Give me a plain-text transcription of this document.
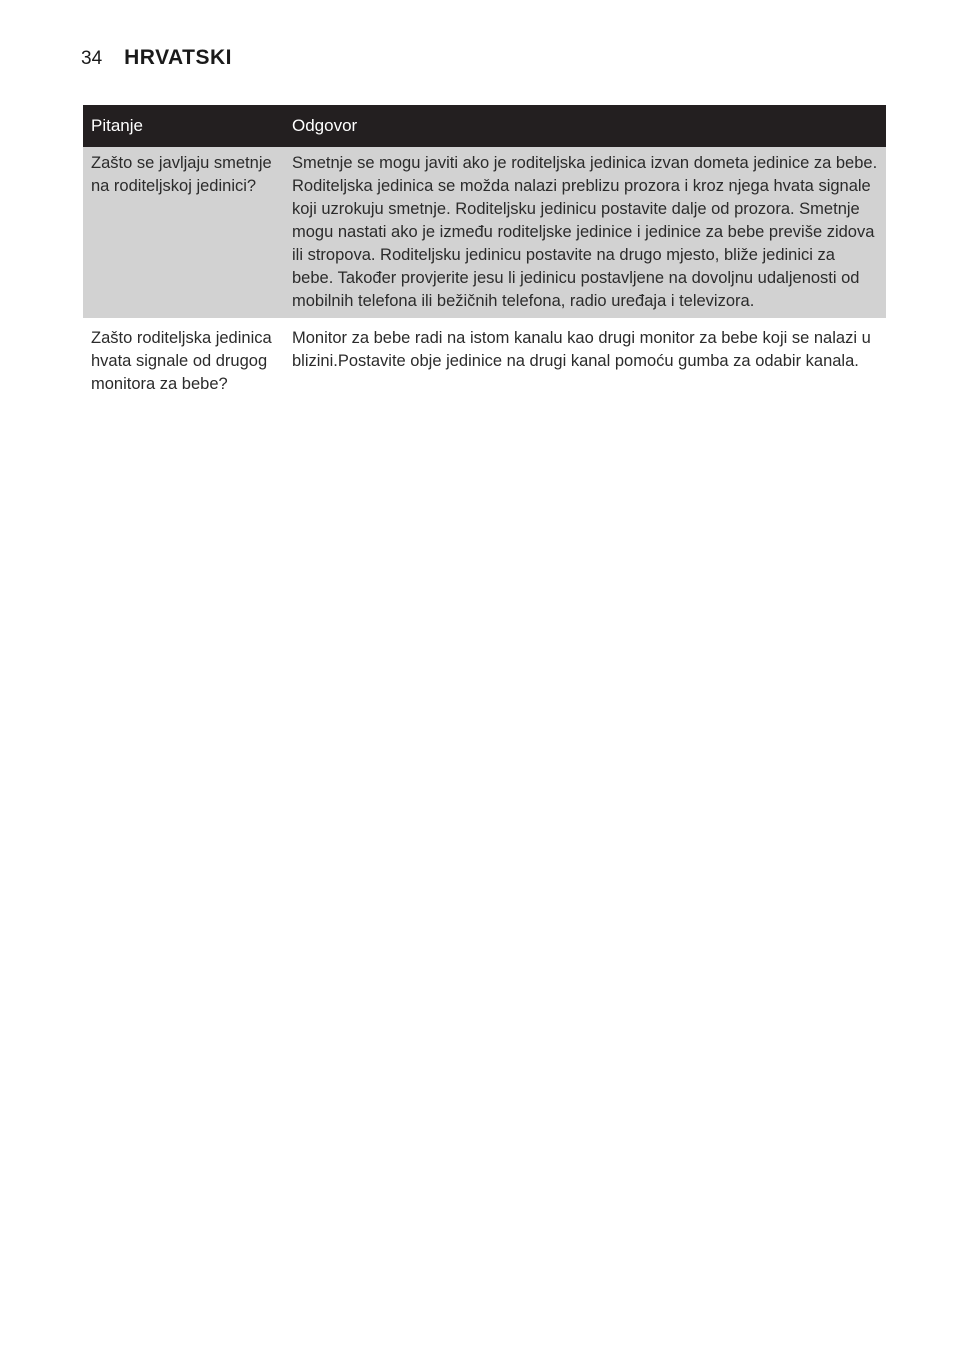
34 HRVATSKI
Pitanje	Odgovor
Zašto se javljaju smetnje na roditeljskoj jedinici?	Smetnje se mogu javiti ako je roditeljska jedinica izvan dometa jedinice za bebe. Roditeljska jedinica se možda nalazi preblizu prozora i kroz njega hvata signale koji uzrokuju smetnje. Roditeljsku jedinicu postavite dalje od prozora. Smetnje mogu nastati ako je između roditeljske jedinice i jedinice za bebe previše zidova ili stropova. Roditeljsku jedinicu postavite na drugo mjesto, bliže jedinici za bebe. Također provjerite jesu li jedinicu postavljene na dovoljnu udaljenosti od mobilnih telefona ili bežičnih telefona, radio uređaja i televizora.
Zašto roditeljska jedinica hvata signale od drugog monitora za bebe?	Monitor za bebe radi na istom kanalu kao drugi monitor za bebe koji se nalazi u blizini.Postavite obje jedinice na drugi kanal pomoću gumba za odabir kanala.
